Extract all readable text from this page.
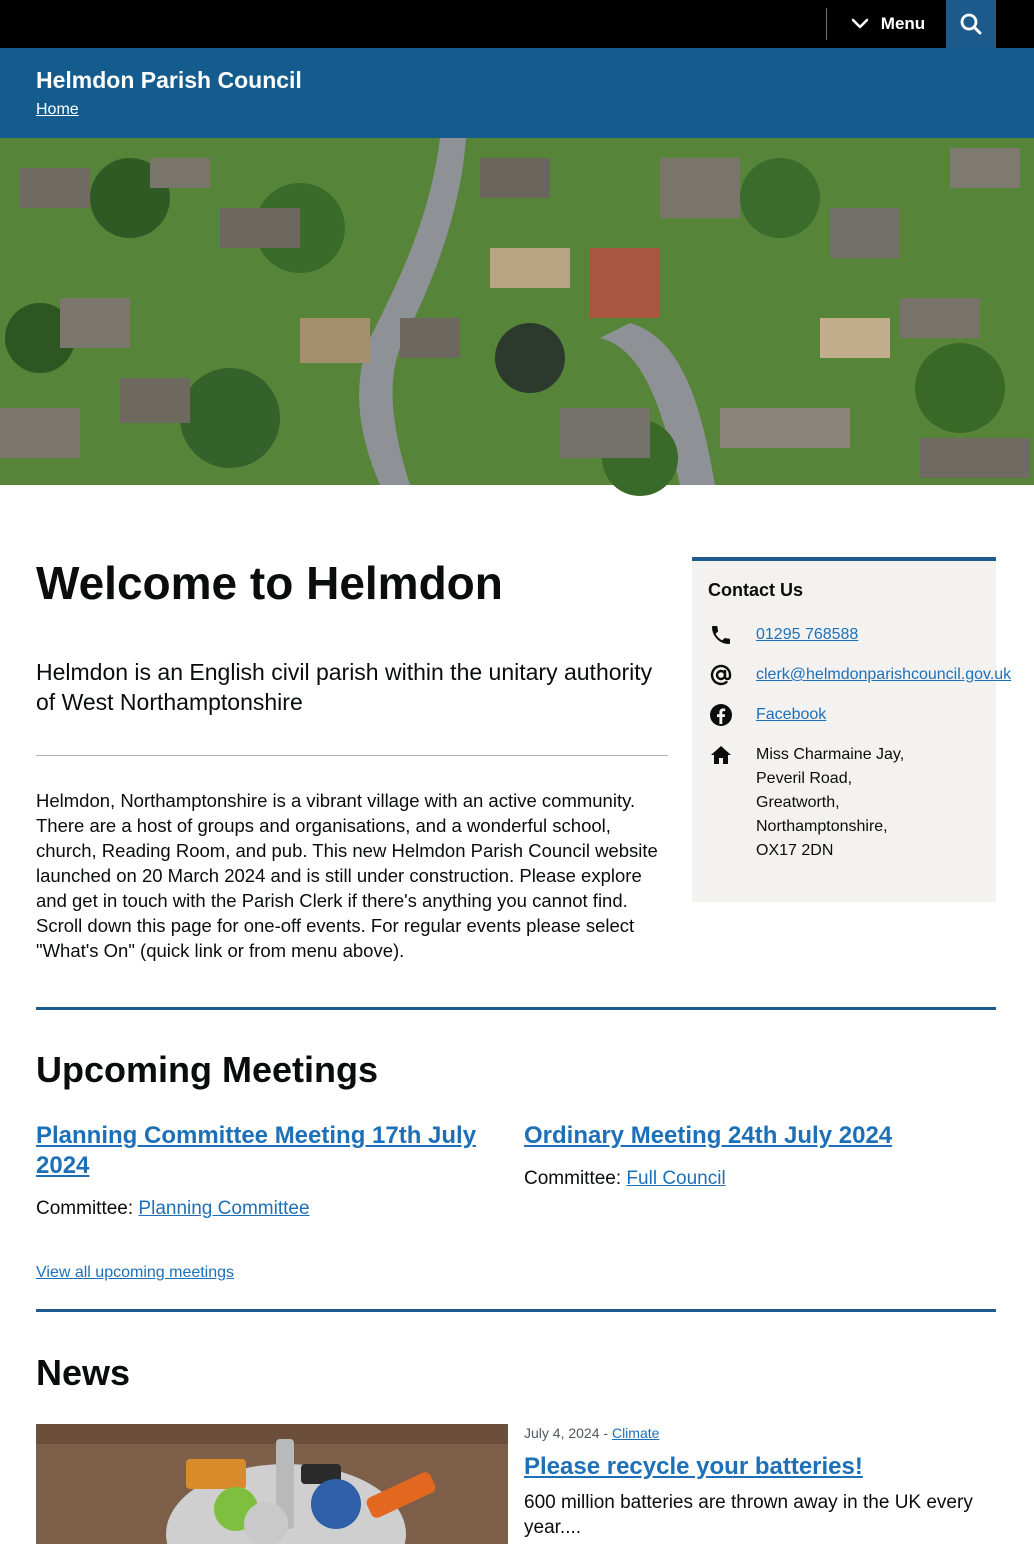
Menu
Helmdon Parish Council
Home
Welcome to Helmdon

Helmdon is an English civil parish within the unitary authority of West Northamptonshire

Helmdon, Northamptonshire is a vibrant village with an active community. There are a host of groups and organisations, and a wonderful school, church, Reading Room, and pub. This new Helmdon Parish Council website launched on 20 March 2024 and is still under construction. Please explore and get in touch with the Parish Clerk if there's anything you cannot find. Scroll down this page for one-off events. For regular events please select "What's On" (quick link or from menu above).

Contact Us
01295 768588
clerk@helmdonparishcouncil.gov.uk
Facebook
Miss Charmaine Jay,
Peveril Road,
Greatworth,
Northamptonshire,
OX17 2DN
Upcoming Meetings
Planning Committee Meeting 17th July 2024
Committee: Planning Committee
Ordinary Meeting 24th July 2024
Committee: Full Council
View all upcoming meetings
News
July 4, 2024 - Climate
Please recycle your batteries!

600 million batteries are thrown away in the UK every year....
